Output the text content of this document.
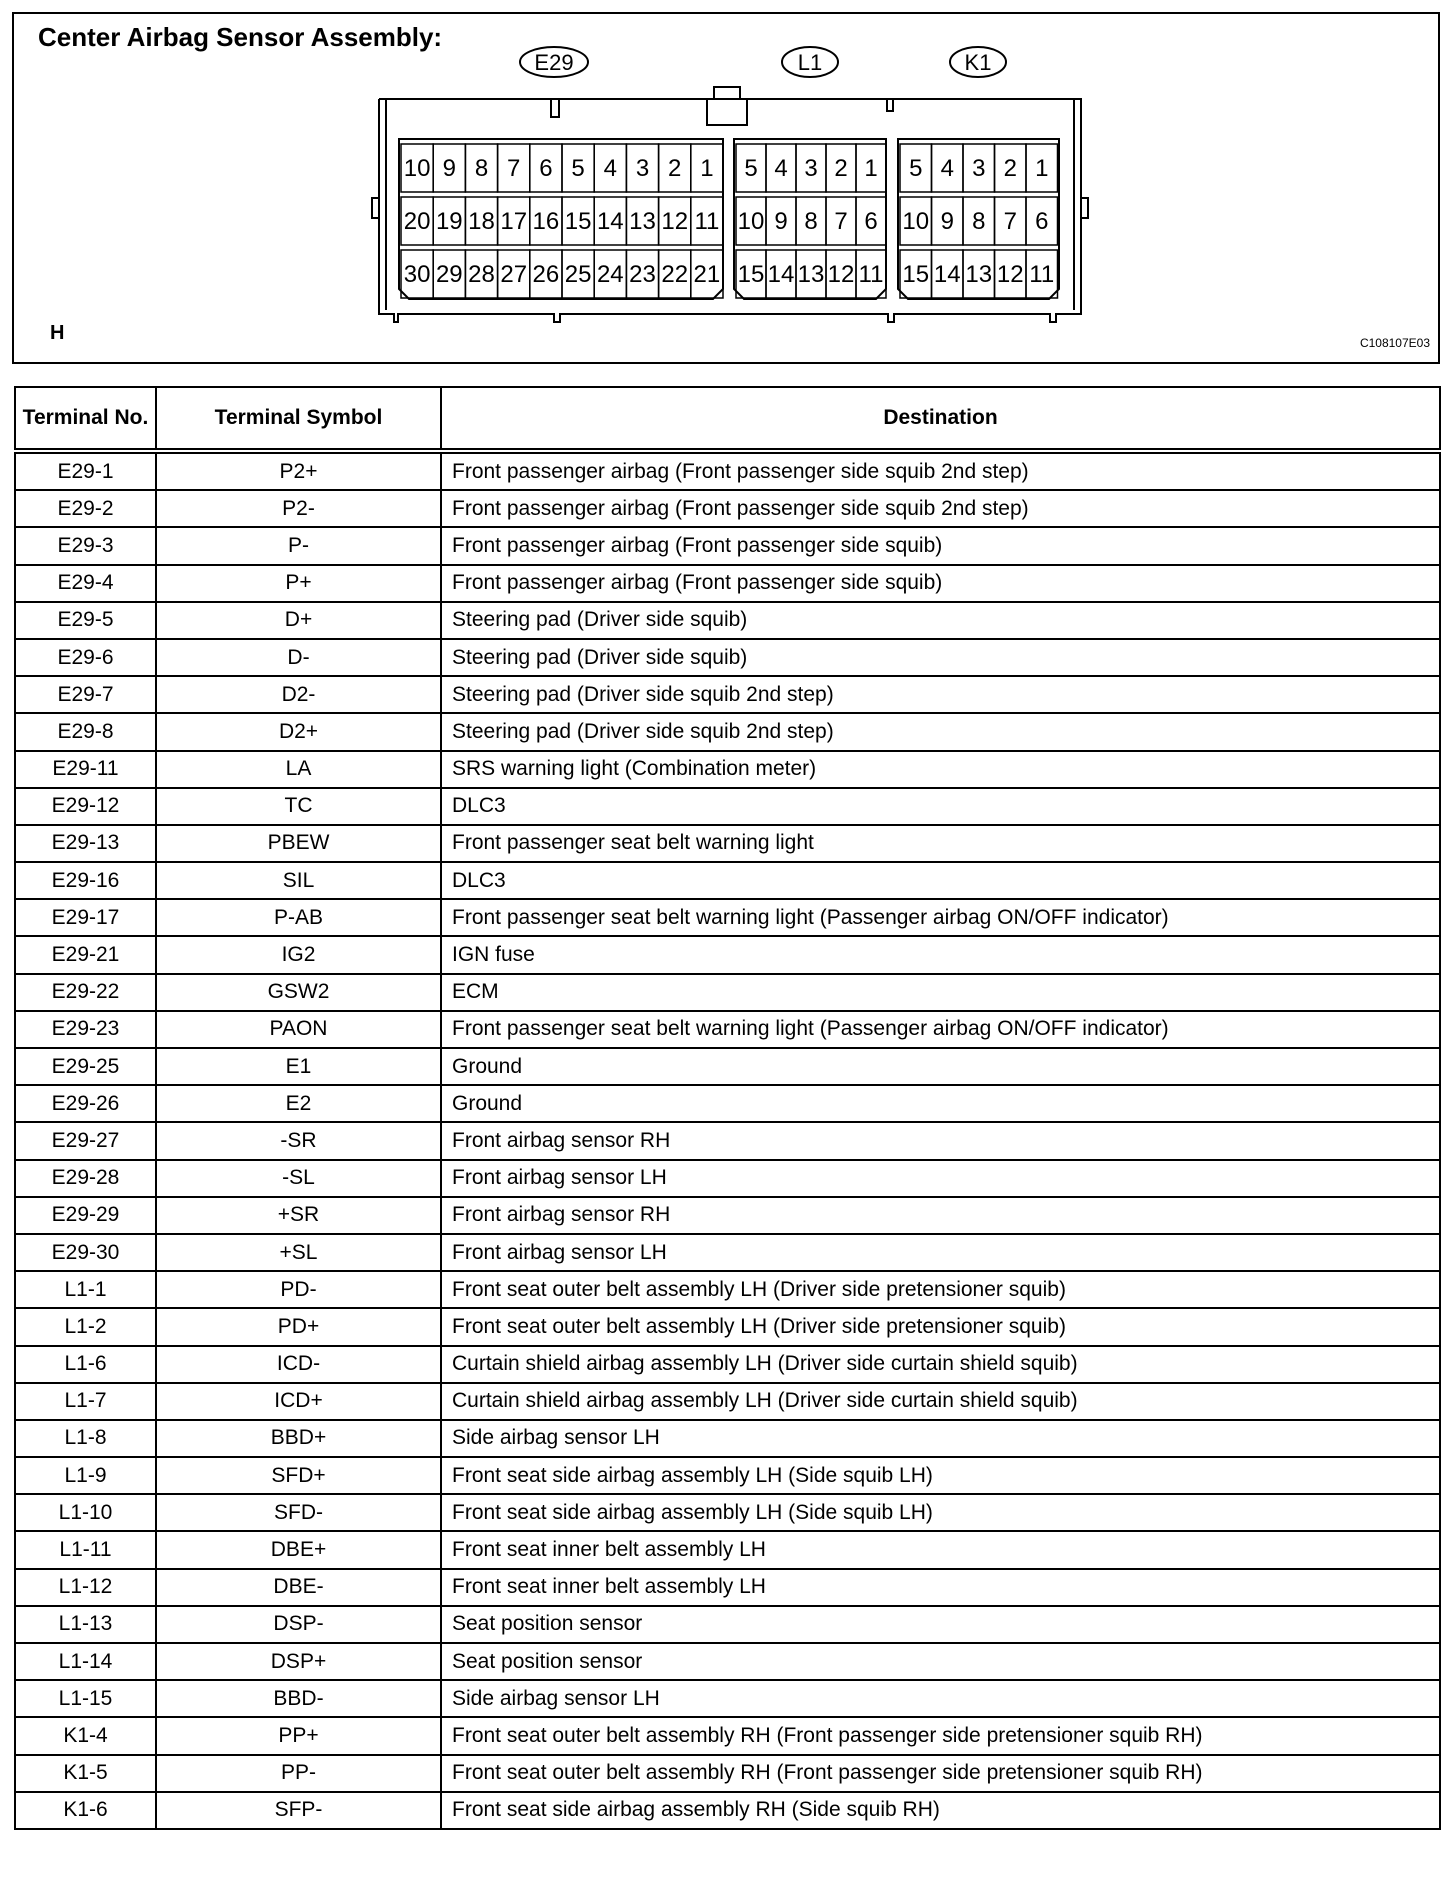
Center Airbag Sensor Assembly:
E29	L1	K1
10 9 8 7 6 5 4 3 2 1
20 19 18 17 16 15 14 13 12 11
30 29 28 27 26 25 24 23 22 21
5 4 3 2 1
10 9 8 7 6
15 14 13 12 11
5 4 3 2 1
10 9 8 7 6
15 14 13 12 11
H	C108107E03
Terminal No.	Terminal Symbol	Destination
E29-1	P2+	Front passenger airbag (Front passenger side squib 2nd step)
E29-2	P2-	Front passenger airbag (Front passenger side squib 2nd step)
E29-3	P-	Front passenger airbag (Front passenger side squib)
E29-4	P+	Front passenger airbag (Front passenger side squib)
E29-5	D+	Steering pad (Driver side squib)
E29-6	D-	Steering pad (Driver side squib)
E29-7	D2-	Steering pad (Driver side squib 2nd step)
E29-8	D2+	Steering pad (Driver side squib 2nd step)
E29-11	LA	SRS warning light (Combination meter)
E29-12	TC	DLC3
E29-13	PBEW	Front passenger seat belt warning light
E29-16	SIL	DLC3
E29-17	P-AB	Front passenger seat belt warning light (Passenger airbag ON/OFF indicator)
E29-21	IG2	IGN fuse
E29-22	GSW2	ECM
E29-23	PAON	Front passenger seat belt warning light (Passenger airbag ON/OFF indicator)
E29-25	E1	Ground
E29-26	E2	Ground
E29-27	-SR	Front airbag sensor RH
E29-28	-SL	Front airbag sensor LH
E29-29	+SR	Front airbag sensor RH
E29-30	+SL	Front airbag sensor LH
L1-1	PD-	Front seat outer belt assembly LH (Driver side pretensioner squib)
L1-2	PD+	Front seat outer belt assembly LH (Driver side pretensioner squib)
L1-6	ICD-	Curtain shield airbag assembly LH (Driver side curtain shield squib)
L1-7	ICD+	Curtain shield airbag assembly LH (Driver side curtain shield squib)
L1-8	BBD+	Side airbag sensor LH
L1-9	SFD+	Front seat side airbag assembly LH (Side squib LH)
L1-10	SFD-	Front seat side airbag assembly LH (Side squib LH)
L1-11	DBE+	Front seat inner belt assembly LH
L1-12	DBE-	Front seat inner belt assembly LH
L1-13	DSP-	Seat position sensor
L1-14	DSP+	Seat position sensor
L1-15	BBD-	Side airbag sensor LH
K1-4	PP+	Front seat outer belt assembly RH (Front passenger side pretensioner squib RH)
K1-5	PP-	Front seat outer belt assembly RH (Front passenger side pretensioner squib RH)
K1-6	SFP-	Front seat side airbag assembly RH (Side squib RH)
